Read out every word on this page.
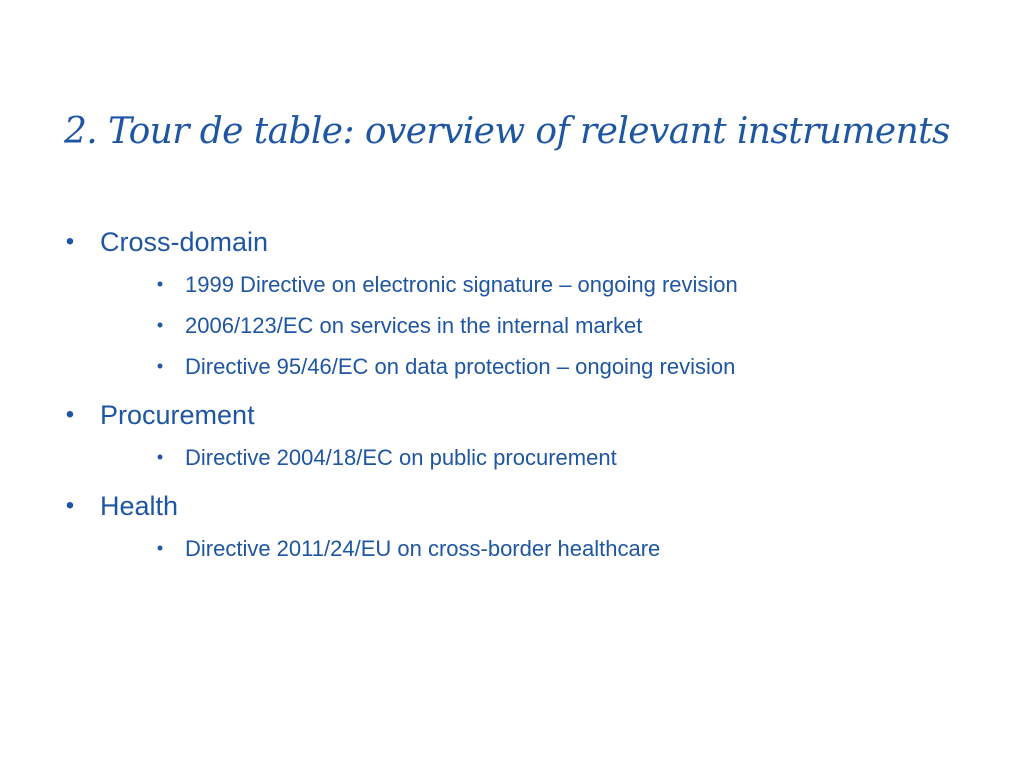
2. Tour de table: overview of relevant instruments
• Cross-domain
• 1999 Directive on electronic signature – ongoing revision
• 2006/123/EC on services in the internal market
• Directive 95/46/EC on data protection – ongoing revision
• Procurement
• Directive 2004/18/EC on public procurement
• Health
• Directive 2011/24/EU on cross-border healthcare
